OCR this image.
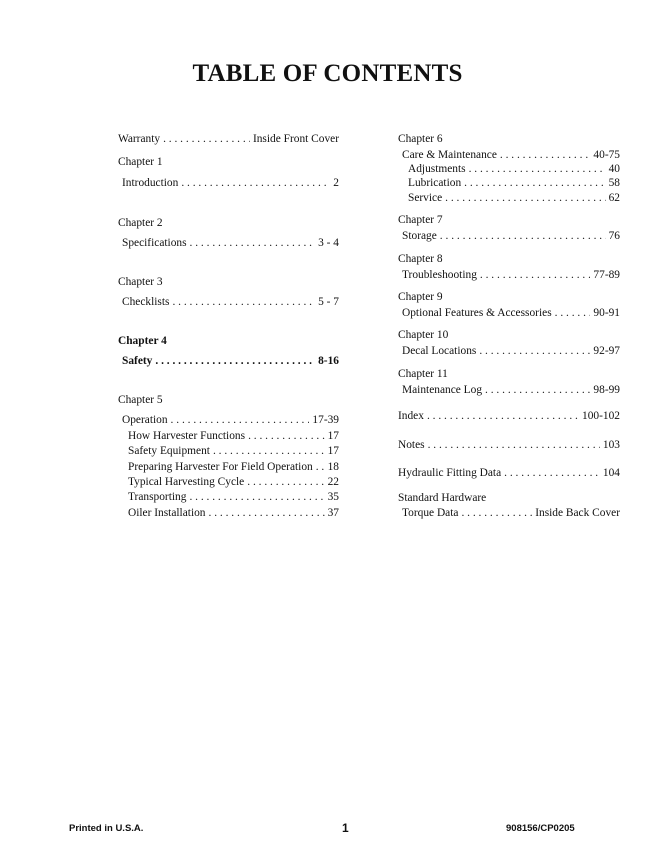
TABLE OF CONTENTS
Warranty . . .	Inside Front Cover
Chapter 1
Introduction . . .	2
Chapter 2
Specifications . . .	3 - 4
Chapter 3
Checklists . . .	5 - 7
Chapter 4
Safety . . .	8-16
Chapter 5
Operation . . .	17-39
How Harvester Functions . . .	17
Safety Equipment . . .	17
Preparing Harvester For Field Operation . . . 18
Typical Harvesting Cycle . . .	22
Transporting . . .	35
Oiler Installation . . .	37
Chapter 6
Care & Maintenance . . .	40-75
Adjustments . . .	40
Lubrication . . .	58
Service . . .	62
Chapter 7
Storage . . .	76
Chapter 8
Troubleshooting . . .	77-89
Chapter 9
Optional Features & Accessories . . .	90-91
Chapter 10
Decal Locations . . .	92-97
Chapter 11
Maintenance Log . . .	98-99
Index . . .	100-102
Notes . . .	103
Hydraulic Fitting Data . . .	104
Standard Hardware
Torque Data . . .	Inside Back Cover
Printed in U.S.A.	1	908156/CP0205
